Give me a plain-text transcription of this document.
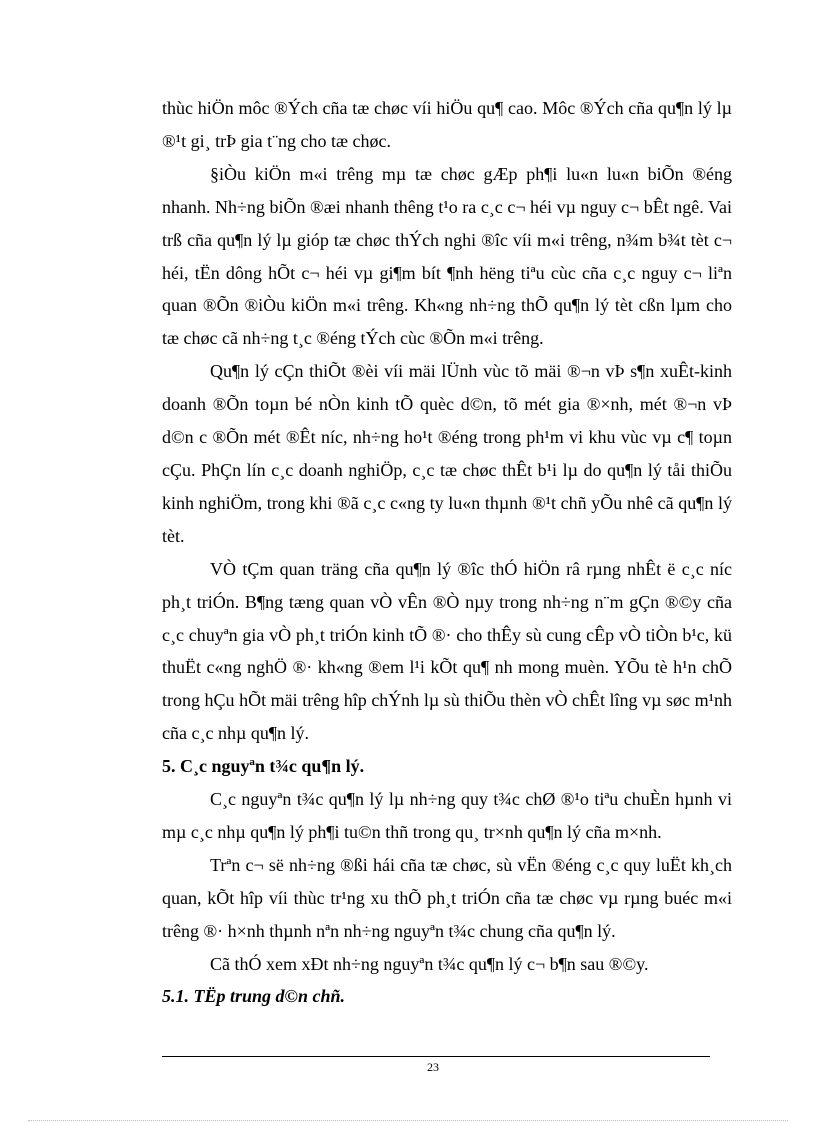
thùc hiÖn môc ®Ých cña tæ chøc víi hiÖu qu¶ cao. Môc ®Ých cña qu¶n lý lµ ®¹t gi¸ trÞ gia t¨ng cho tæ chøc.

§iÒu kiÖn m«i trêng mµ tæ chøc gÆp ph¶i lu«n lu«n biÕn ®éng nhanh. Nh÷ng biÕn ®æi nhanh thêng t¹o ra c¸c c¬ héi vµ nguy c¬ bÊt ngê. Vai trß cña qu¶n lý lµ gióp tæ chøc thÝch nghi ®îc víi m«i trêng, n¾m b¾t tèt c¬ héi, tËn dông hÕt c¬ héi vµ gi¶m bít ¶nh hëng tiªu cùc cña c¸c nguy c¬ liªn quan ®Õn ®iÒu kiÖn m«i trêng. Kh«ng nh÷ng thÕ qu¶n lý tèt cßn lµm cho tæ chøc cã nh÷ng t¸c ®éng tÝch cùc ®Õn m«i trêng.

Qu¶n lý cÇn thiÕt ®èi víi mäi lÜnh vùc tõ mäi ®¬n vÞ s¶n xuÊt-kinh doanh ®Õn toµn bé nÒn kinh tÕ quèc d©n, tõ mét gia ®×nh, mét ®¬n vÞ d©n c ®Õn mét ®Êt níc, nh÷ng ho¹t ®éng trong ph¹m vi khu vùc vµ c¶ toµn cÇu. PhÇn lín c¸c doanh nghiÖp, c¸c tæ chøc thÊt b¹i lµ do qu¶n lý tåi thiÕu kinh nghiÖm, trong khi ®ã c¸c c«ng ty lu«n thµnh ®¹t chñ yÕu nhê cã qu¶n lý tèt.

VÒ tÇm quan träng cña qu¶n lý ®îc thÓ hiÖn râ rµng nhÊt ë c¸c níc ph¸t triÓn. B¶ng tæng quan vÒ vÊn ®Ò nµy trong nh÷ng n¨m gÇn ®©y cña c¸c chuyªn gia vÒ ph¸t triÓn kinh tÕ ®· cho thÊy sù cung cÊp vÒ tiÒn b¹c, kü thuËt c«ng nghÖ ®· kh«ng ®em l¹i kÕt qu¶ nh mong muèn. YÕu tè h¹n chÕ trong hÇu hÕt mäi trêng hîp chÝnh lµ sù thiÕu thèn vÒ chÊt lîng vµ søc m¹nh cña c¸c nhµ qu¶n lý.

5. C¸c nguyªn t¾c qu¶n lý.

C¸c nguyªn t¾c qu¶n lý lµ nh÷ng quy t¾c chØ ®¹o tiªu chuÈn hµnh vi mµ c¸c nhµ qu¶n lý ph¶i tu©n thñ trong qu¸ tr×nh qu¶n lý cña m×nh.

Trªn c¬ së nh÷ng ®ßi hái cña tæ chøc, sù vËn ®éng c¸c quy luËt kh¸ch quan, kÕt hîp víi thùc tr¹ng xu thÕ ph¸t triÓn cña tæ chøc vµ rµng buéc m«i trêng ®· h×nh thµnh nªn nh÷ng nguyªn t¾c chung cña qu¶n lý.

Cã thÓ xem xÐt nh÷ng nguyªn t¾c qu¶n lý c¬ b¶n sau ®©y.

5.1. TËp trung d©n chñ.

23
